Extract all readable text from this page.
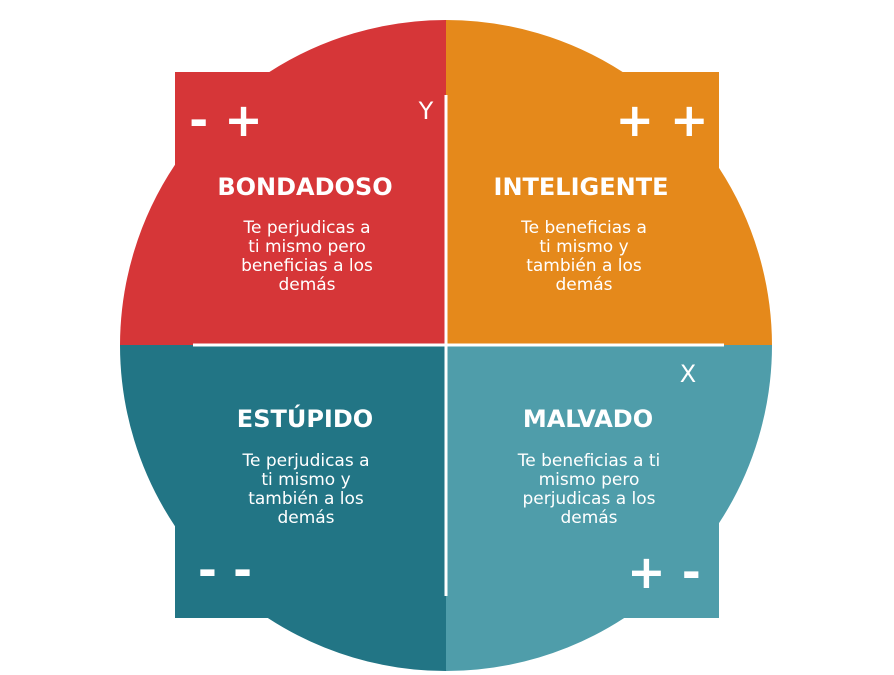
Y
X
- +	+ +
- -	+ -
BONDADOSO	INTELIGENTE
ESTÚPIDO	MALVADO
Te perjudicas a
ti mismo pero
beneficias a los
demás
Te beneficias a
ti mismo y
también a los
demás
Te perjudicas a
ti mismo y
también a los
demás
Te beneficias a ti
mismo pero
perjudicas a los
demás
